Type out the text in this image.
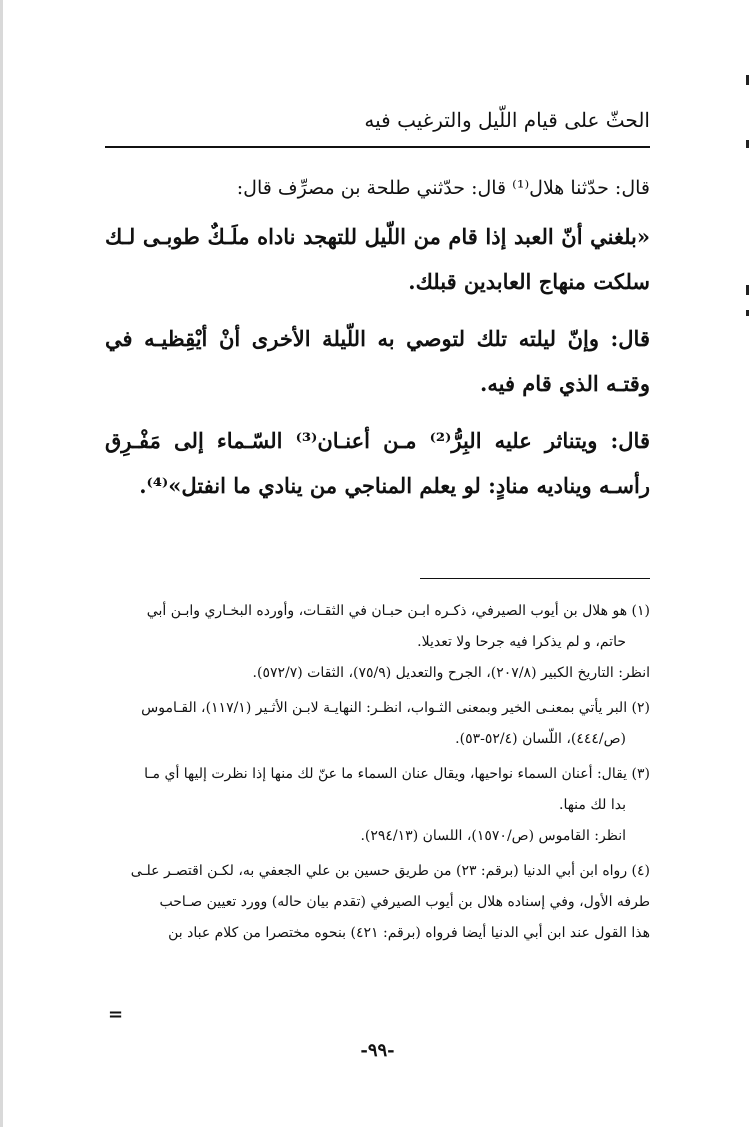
الحثّ على قيام اللّيل والترغيب فيه

قال: حدّثنا هلال⁽¹⁾ قال: حدّثني طلحة بن مصرِّف قال:

«بلغني أنّ العبد إذا قام من اللّيل للتهجد ناداه ملَـكٌ طوبـى لـك سلكت منهاج العابدين قبلك.

قال: وإنّ ليلته تلك لتوصي به اللّيلة الأخرى أنْ أيْقِظيـه في وقتـه الذي قام فيه.

قال: ويتناثر عليه البِرُّ⁽²⁾ مـن أعنـان⁽³⁾ السّـماء إلى مَفْـرِق رأسـه ويناديه منادٍ: لو يعلم المناجي من ينادي ما انفتل»⁽⁴⁾.

(١) هو هلال بن أيوب الصيرفي، ذكـره ابـن حبـان في الثقـات، وأورده البخـاري وابـن أبي
حاتم، و لم يذكرا فيه جرحا ولا تعديلا.
انظر: التاريخ الكبير (٢٠٧/٨)، الجرح والتعديل (٧٥/٩)، الثقات (٥٧٢/٧).
(٢) البر يأتي بمعنـى الخير وبمعنى الثـواب، انظـر: النهايـة لابـن الأثـير (١١٧/١)، القـاموس
(ص/٤٤٤)، اللّسان (٥٢/٤-٥٣).
(٣) يقال: أعنان السماء نواحيها، ويقال عنان السماء ما عنّ لك منها إذا نظرت إليها أي مـا
بدا لك منها.
انظر: القاموس (ص/١٥٧٠)، اللسان (٢٩٤/١٣).
(٤) رواه ابن أبي الدنيا (برقم: ٢٣) من طريق حسين بن علي الجعفي به، لكـن اقتصـر علـى
طرفه الأول، وفي إسناده هلال بن أيوب الصيرفي (تقدم بيان حاله) وورد تعيين صـاحب
هذا القول عند ابن أبي الدنيا أيضا فرواه (برقم: ٤٢١) بنحوه مختصرا من كلام عباد بن
=
-٩٩-
